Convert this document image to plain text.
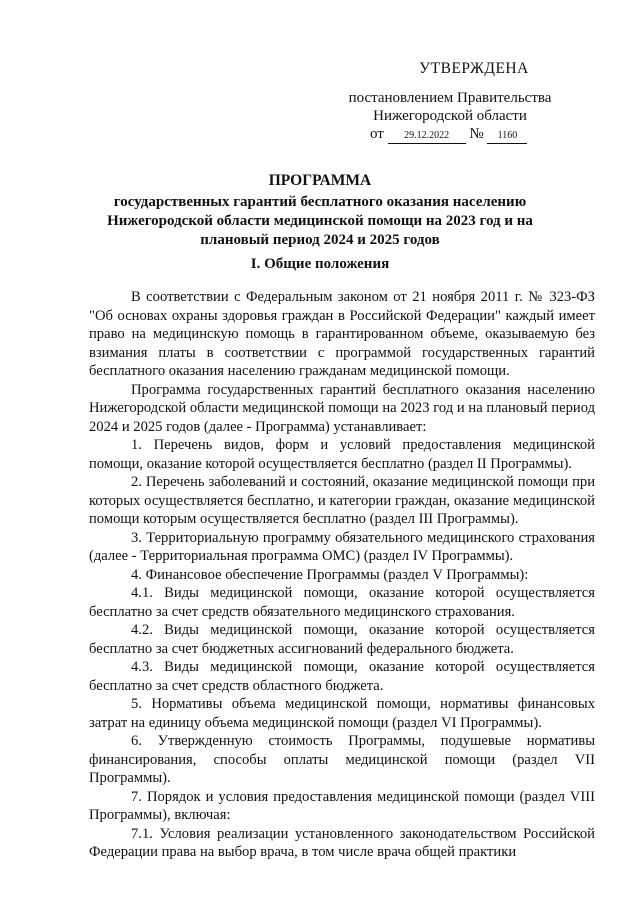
УТВЕРЖДЕНА
постановлением Правительства
Нижегородской области
от 29.12.2022 № 1160
ПРОГРАММА
государственных гарантий бесплатного оказания населению Нижегородской области медицинской помощи на 2023 год и на плановый период 2024 и 2025 годов
I. Общие положения

В соответствии с Федеральным законом от 21 ноября 2011 г. № 323-ФЗ "Об основах охраны здоровья граждан в Российской Федерации" каждый имеет право на медицинскую помощь в гарантированном объеме, оказываемую без взимания платы в соответствии с программой государственных гарантий бесплатного оказания населению гражданам медицинской помощи.

Программа государственных гарантий бесплатного оказания населению Нижегородской области медицинской помощи на 2023 год и на плановый период 2024 и 2025 годов (далее - Программа) устанавливает:

1. Перечень видов, форм и условий предоставления медицинской помощи, оказание которой осуществляется бесплатно (раздел II Программы).

2. Перечень заболеваний и состояний, оказание медицинской помощи при которых осуществляется бесплатно, и категории граждан, оказание медицинской помощи которым осуществляется бесплатно (раздел III Программы).

3. Территориальную программу обязательного медицинского страхования (далее - Территориальная программа ОМС) (раздел IV Программы).

4. Финансовое обеспечение Программы (раздел V Программы):

4.1. Виды медицинской помощи, оказание которой осуществляется бесплатно за счет средств обязательного медицинского страхования.

4.2. Виды медицинской помощи, оказание которой осуществляется бесплатно за счет бюджетных ассигнований федерального бюджета.

4.3. Виды медицинской помощи, оказание которой осуществляется бесплатно за счет средств областного бюджета.

5. Нормативы объема медицинской помощи, нормативы финансовых затрат на единицу объема медицинской помощи (раздел VI Программы).

6. Утвержденную стоимость Программы, подушевые нормативы финансирования, способы оплаты медицинской помощи (раздел VII Программы).

7. Порядок и условия предоставления медицинской помощи (раздел VIII Программы), включая:

7.1. Условия реализации установленного законодательством Российской Федерации права на выбор врача, в том числе врача общей практики
